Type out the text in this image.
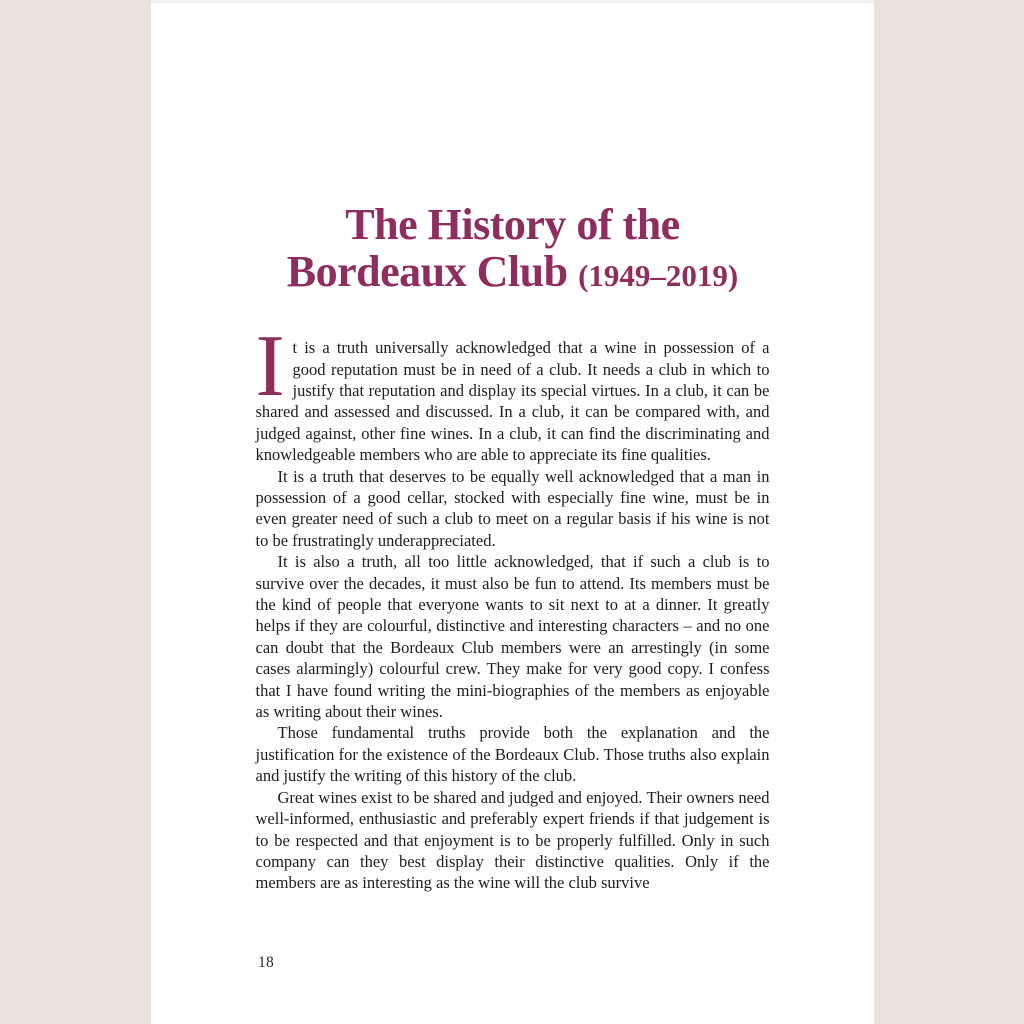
The History of the
Bordeaux Club (1949–2019)

I t is a truth universally acknowledged that a wine in possession of a good reputation must be in need of a club. It needs a club in which to justify that reputation and display its special virtues. In a club, it can be shared and assessed and discussed. In a club, it can be compared with, and judged against, other fine wines. In a club, it can find the discriminating and knowledgeable members who are able to appreciate its fine qualities.

It is a truth that deserves to be equally well acknowledged that a man in possession of a good cellar, stocked with especially fine wine, must be in even greater need of such a club to meet on a regular basis if his wine is not to be frustratingly underappreciated.

It is also a truth, all too little acknowledged, that if such a club is to survive over the decades, it must also be fun to attend. Its members must be the kind of people that everyone wants to sit next to at a dinner. It greatly helps if they are colourful, distinctive and interesting characters – and no one can doubt that the Bordeaux Club members were an arrestingly (in some cases alarmingly) colourful crew. They make for very good copy. I confess that I have found writing the mini-biographies of the members as enjoyable as writing about their wines.

Those fundamental truths provide both the explanation and the justification for the existence of the Bordeaux Club. Those truths also explain and justify the writing of this history of the club.

Great wines exist to be shared and judged and enjoyed. Their owners need well-informed, enthusiastic and preferably expert friends if that judgement is to be respected and that enjoyment is to be properly fulfilled. Only in such company can they best display their distinctive qualities. Only if the members are as interesting as the wine will the club survive

18
